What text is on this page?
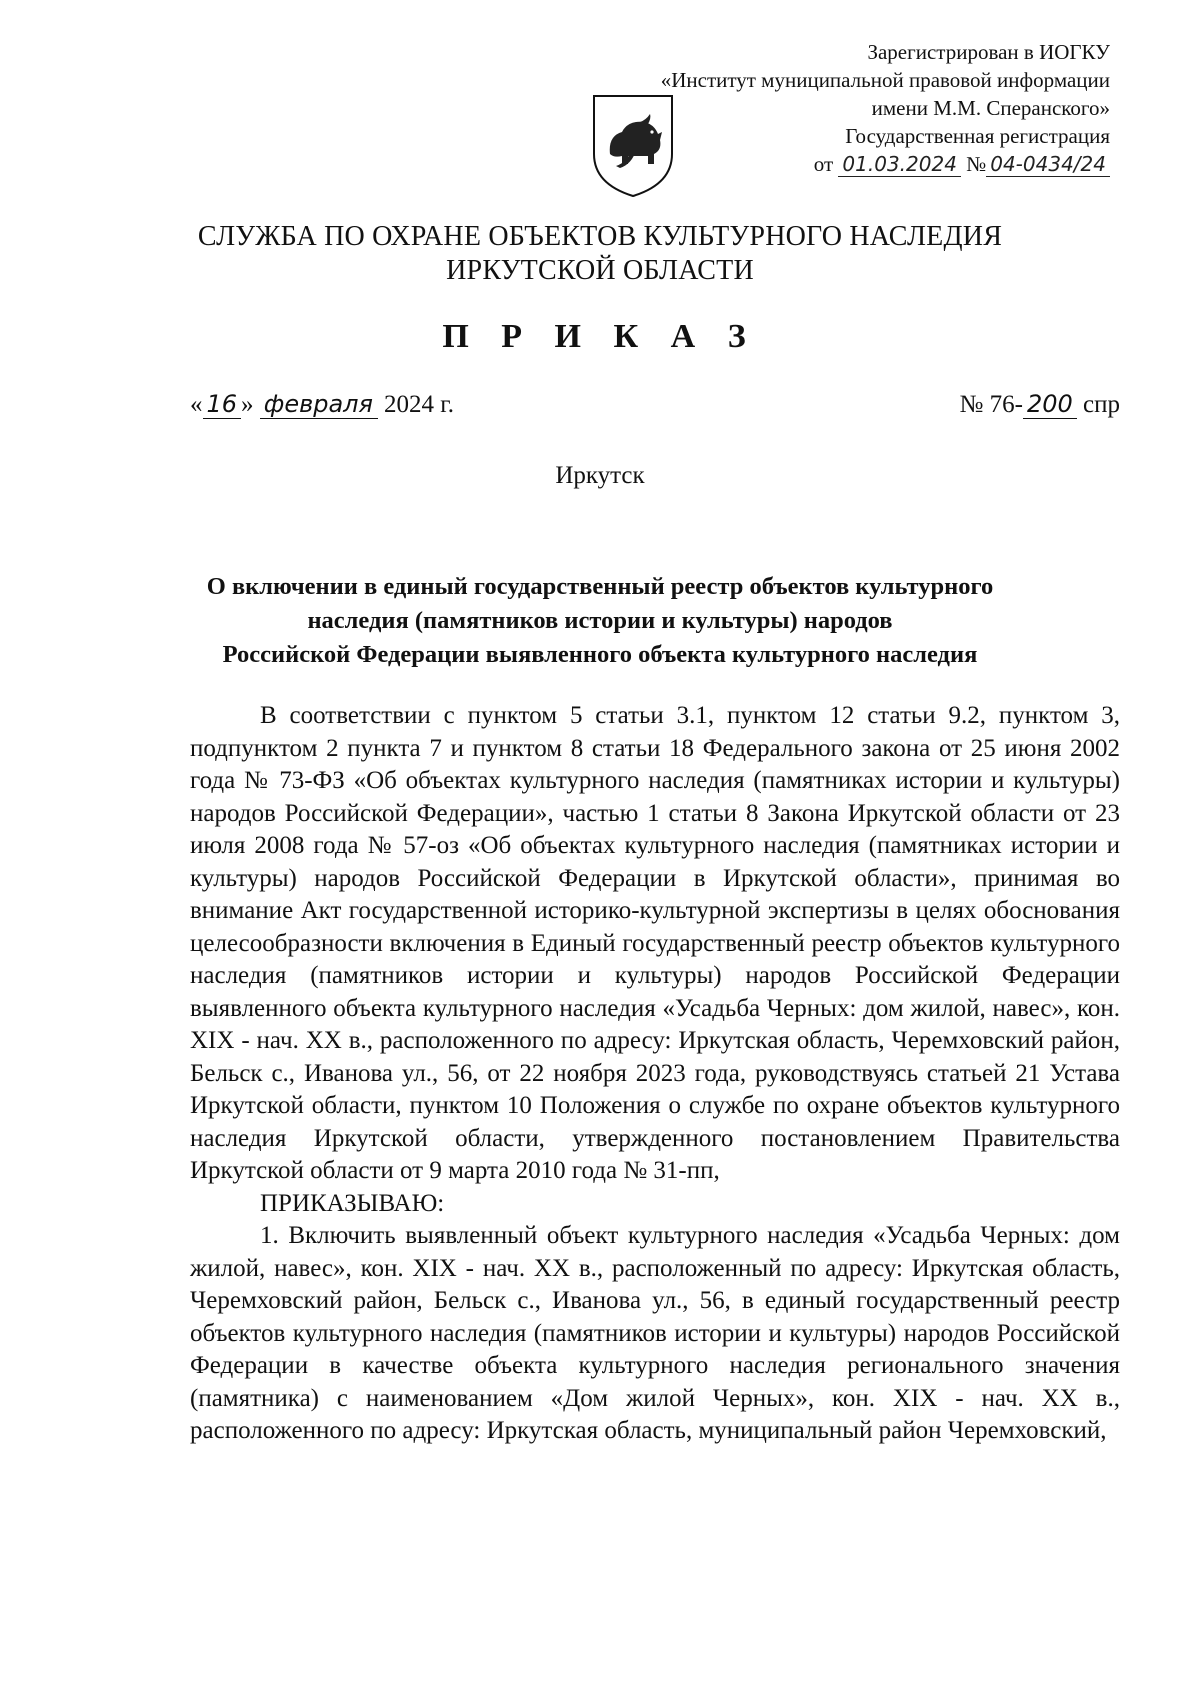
Зарегистрирован в ИОГКУ
«Институт муниципальной правовой информации
имени М.М. Сперанского»
Государственная регистрация
от 01.03.2024 № 04-0434/24
СЛУЖБА ПО ОХРАНЕ ОБЪЕКТОВ КУЛЬТУРНОГО НАСЛЕДИЯ
ИРКУТСКОЙ ОБЛАСТИ
П Р И К А З
« 16 » февраля 2024 г.	№ 76- 200 спр
Иркутск
О включении в единый государственный реестр объектов культурного
наследия (памятников истории и культуры) народов
Российской Федерации выявленного объекта культурного наследия

В соответствии с пунктом 5 статьи 3.1, пунктом 12 статьи 9.2, пунктом 3, подпунктом 2 пункта 7 и пунктом 8 статьи 18 Федерального закона от 25 июня 2002 года № 73-ФЗ «Об объектах культурного наследия (памятниках истории и культуры) народов Российской Федерации», частью 1 статьи 8 Закона Иркутской области от 23 июля 2008 года № 57-оз «Об объектах культурного наследия (памятниках истории и культуры) народов Российской Федерации в Иркутской области», принимая во внимание Акт государственной историко-культурной экспертизы в целях обоснования целесообразности включения в Единый государственный реестр объектов культурного наследия (памятников истории и культуры) народов Российской Федерации выявленного объекта культурного наследия «Усадьба Черных: дом жилой, навес», кон. XIX - нач. XX в., расположенного по адресу: Иркутская область, Черемховский район, Бельск с., Иванова ул., 56, от 22 ноября 2023 года, руководствуясь статьей 21 Устава Иркутской области, пунктом 10 Положения о службе по охране объектов культурного наследия Иркутской области, утвержденного постановлением Правительства Иркутской области от 9 марта 2010 года № 31-пп,

ПРИКАЗЫВАЮ:

1. Включить выявленный объект культурного наследия «Усадьба Черных: дом жилой, навес», кон. XIX - нач. XX в., расположенный по адресу: Иркутская область, Черемховский район, Бельск с., Иванова ул., 56, в единый государственный реестр объектов культурного наследия (памятников истории и культуры) народов Российской Федерации в качестве объекта культурного наследия регионального значения (памятника) с наименованием «Дом жилой Черных», кон. XIX - нач. XX в., расположенного по адресу: Иркутская область, муниципальный район Черемховский,
